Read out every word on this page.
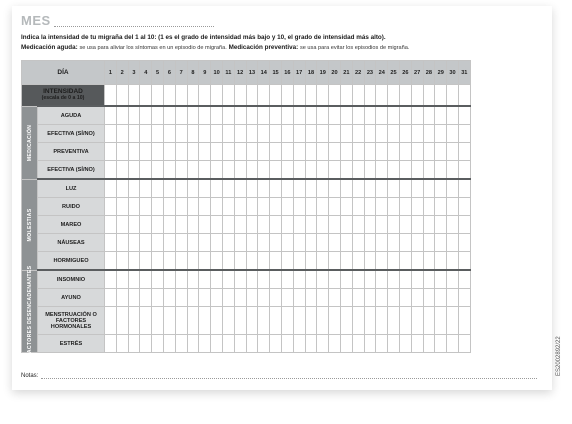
MES
Indica la intensidad de tu migraña del 1 al 10: (1 es el grado de intensidad más bajo y 10, el grado de intensidad más alto).
Medicación aguda: se usa para aliviar los síntomas en un episodio de migraña. Medicación preventiva: se usa para evitar los episodios de migraña.
DÍA		1	2	3	4	5	6	7	8	9	10	11	12	13	14	15	16	17	18	19	20	21	22	23	24	25	26	27	28	29	30	31
INTENSIDAD
(escala de 0 a 10)																																

MEDICACIÓN	AGUDA																															
	EFECTIVA (SÍ/NO)																															
	PREVENTIVA																															
	EFECTIVA (SÍ/NO)																															

MOLESTIAS	LUZ																															
	RUIDO																															
	MAREO																															
	NÁUSEAS																															
	HORMIGUEO																															

FACTORES DESENCADENANTES	INSOMNIO																															
	AYUNO																															
	MENSTRUACIÓN O FACTORES HORMONALES																															
	ESTRÉS																															
Notas:	ES2002892/22
